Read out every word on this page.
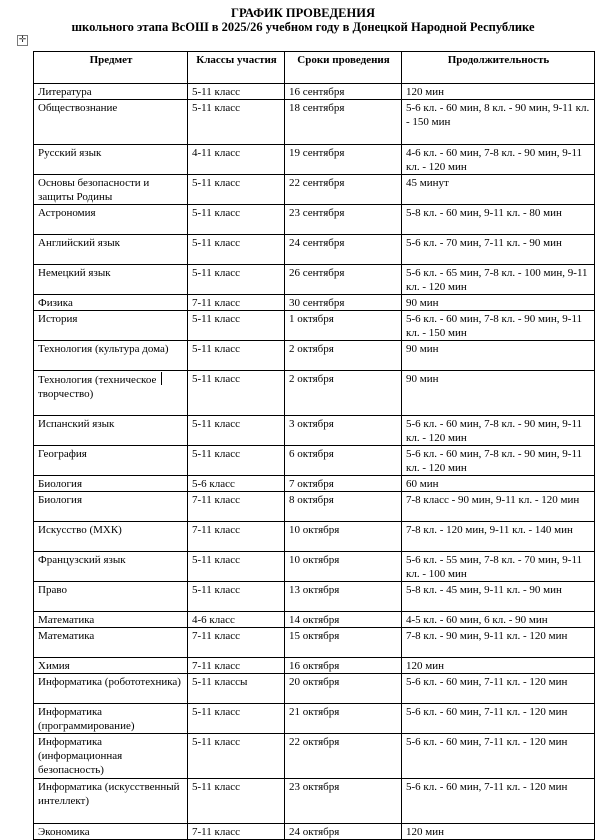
ГРАФИК ПРОВЕДЕНИЯ
школьного этапа ВсОШ в 2025/26 учебном году в Донецкой Народной Республике
✛
Предмет	Классы участия	Сроки проведения	Продолжительность
Литература	5-11 класс	16 сентября	120 мин
Обществознание	5-11 класс	18 сентября	5-6 кл. - 60 мин, 8 кл. - 90 мин, 9-11 кл. - 150 мин
Русский язык	4-11 класс	19 сентября	4-6 кл. - 60 мин, 7-8 кл. - 90 мин, 9-11 кл. - 120 мин
Основы безопасности и защиты Родины	5-11 класс	22 сентября	45 минут
Астрономия	5-11 класс	23 сентября	5-8 кл. - 60 мин, 9-11 кл. - 80 мин
Английский язык	5-11 класс	24 сентября	5-6 кл. - 70 мин, 7-11 кл. - 90 мин
Немецкий язык	5-11 класс	26 сентября	5-6 кл. - 65 мин, 7-8 кл. - 100 мин, 9-11 кл. - 120 мин
Физика	7-11 класс	30 сентября	90 мин
История	5-11 класс	1 октября	5-6 кл. - 60 мин, 7-8 кл. - 90 мин, 9-11 кл. - 150 мин
Технология (культура дома)	5-11 класс	2 октября	90 мин
Технология (техническое творчество)	5-11 класс	2 октября	90 мин
Испанский язык	5-11 класс	3 октября	5-6 кл. - 60 мин, 7-8 кл. - 90 мин, 9-11 кл. - 120 мин
География	5-11 класс	6 октября	5-6 кл. - 60 мин, 7-8 кл. - 90 мин, 9-11 кл. - 120 мин
Биология	5-6 класс	7 октября	60 мин
Биология	7-11 класс	8 октября	7-8 класс - 90 мин, 9-11 кл. - 120 мин
Искусство (МХК)	7-11 класс	10 октября	7-8 кл. - 120 мин, 9-11 кл. - 140 мин
Французский язык	5-11 класс	10 октября	5-6 кл. - 55 мин, 7-8 кл. - 70 мин, 9-11 кл. - 100 мин
Право	5-11 класс	13 октября	5-8 кл. - 45 мин, 9-11 кл. - 90 мин
Математика	4-6 класс	14 октября	4-5 кл. - 60 мин, 6 кл. - 90 мин
Математика	7-11 класс	15 октября	7-8 кл. - 90 мин, 9-11 кл. - 120 мин
Химия	7-11 класс	16 октября	120 мин
Информатика (робототехника)	5-11 классы	20 октября	5-6 кл. - 60 мин, 7-11 кл. - 120 мин
Информатика (программирование)	5-11 класс	21 октября	5-6 кл. - 60 мин, 7-11 кл. - 120 мин
Информатика (информационная безопасность)	5-11 класс	22 октября	5-6 кл. - 60 мин, 7-11 кл. - 120 мин
Информатика (искусственный интеллект)	5-11 класс	23 октября	5-6 кл. - 60 мин, 7-11 кл. - 120 мин
Экономика	7-11 класс	24 октября	120 мин
